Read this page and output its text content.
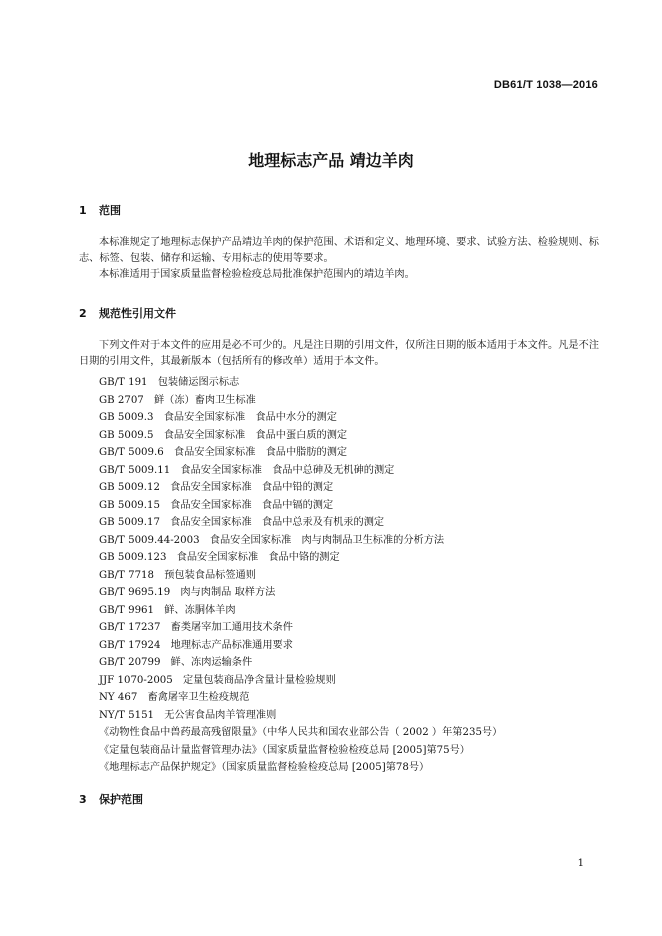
DB61/T 1038—2016
地理标志产品 靖边羊肉
1 范围
本标准规定了地理标志保护产品靖边羊肉的保护范围、术语和定义、地理环境、要求、试验方法、检验规则、标志、标签、包装、储存和运输、专用标志的使用等要求。
本标准适用于国家质量监督检验检疫总局批准保护范围内的靖边羊肉。
2 规范性引用文件
下列文件对于本文件的应用是必不可少的。凡是注日期的引用文件，仅所注日期的版本适用于本文件。凡是不注日期的引用文件，其最新版本（包括所有的修改单）适用于本文件。
GB/T 191　包装储运图示标志
GB 2707　鲜（冻）畜肉卫生标准
GB 5009.3　食品安全国家标准　食品中水分的测定
GB 5009.5　食品安全国家标准　食品中蛋白质的测定
GB/T 5009.6　食品安全国家标准　食品中脂肪的测定
GB/T 5009.11　食品安全国家标准　食品中总砷及无机砷的测定
GB 5009.12　食品安全国家标准　食品中铅的测定
GB 5009.15　食品安全国家标准　食品中镉的测定
GB 5009.17　食品安全国家标准　食品中总汞及有机汞的测定
GB/T 5009.44-2003　食品安全国家标准　肉与肉制品卫生标准的分析方法
GB 5009.123　食品安全国家标准　食品中铬的测定
GB/T 7718　预包装食品标签通则
GB/T 9695.19　肉与肉制品 取样方法
GB/T 9961　鲜、冻胴体羊肉
GB/T 17237　畜类屠宰加工通用技术条件
GB/T 17924　地理标志产品标准通用要求
GB/T 20799　鲜、冻肉运输条件
JJF 1070-2005　定量包装商品净含量计量检验规则
NY 467　畜禽屠宰卫生检疫规范
NY/T 5151　无公害食品肉羊管理准则
《动物性食品中兽药最高残留限量》（中华人民共和国农业部公告（ 2002 ）年第235号）
《定量包装商品计量监督管理办法》（国家质量监督检验检疫总局 [2005]第75号）
《地理标志产品保护规定》（国家质量监督检验检疫总局 [2005]第78号）
3 保护范围
1
